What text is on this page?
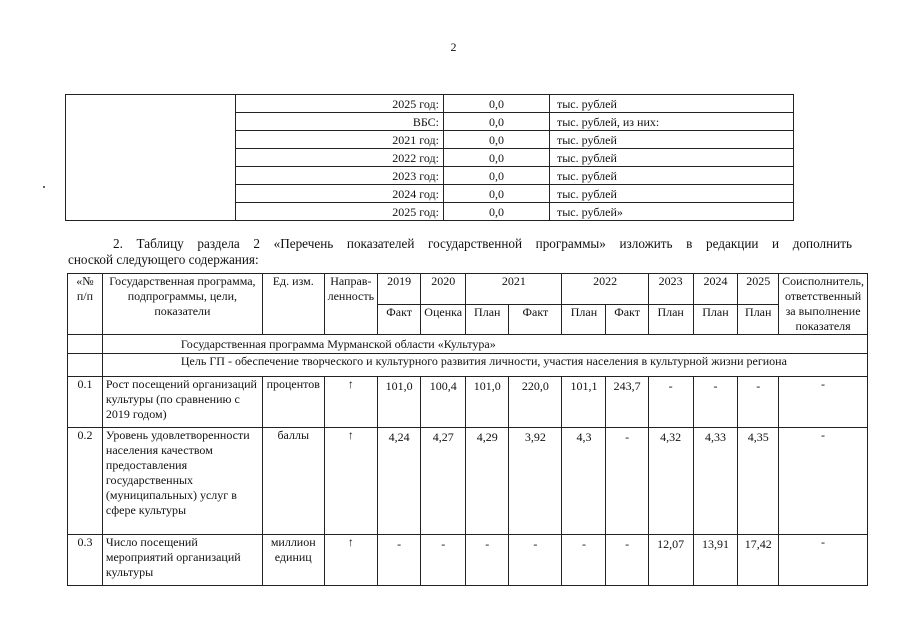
2
	2025 год:	0,0	тыс. рублей
	ВБС:	0,0	тыс. рублей, из них:
	2021 год:	0,0	тыс. рублей
	2022 год:	0,0	тыс. рублей
	2023 год:	0,0	тыс. рублей
	2024 год:	0,0	тыс. рублей
	2025 год:	0,0	тыс. рублей»
2. Таблицу раздела 2 «Перечень показателей государственной программы» изложить в редакции и дополнить
сноской следующего содержания:
«№ п/п	Государственная программа, подпрограммы, цели, показатели	Ед. изм.	Направ-ленность	2019	2020	2021		2022		2023	2024	2025	Соисполнитель, ответственный за выполнение показателя
				Факт	Оценка	План	Факт	План	Факт	План	План	План	
	Государственная программа Мурманской области «Культура»												
	Цель ГП - обеспечение творческого и культурного развития личности, участия населения в культурной жизни региона												
0.1	Рост посещений организаций культуры (по сравнению с 2019 годом)	процентов	↑	101,0	100,4	101,0	220,0	101,1	243,7	-	-	-	-
0.2	Уровень удовлетворенности населения качеством предоставления государственных (муниципальных) услуг в сфере культуры	баллы	↑	4,24	4,27	4,29	3,92	4,3	-	4,32	4,33	4,35	-
0.3	Число посещений мероприятий организаций культуры	миллион единиц	↑	-	-	-	-	-	-	12,07	13,91	17,42	-
